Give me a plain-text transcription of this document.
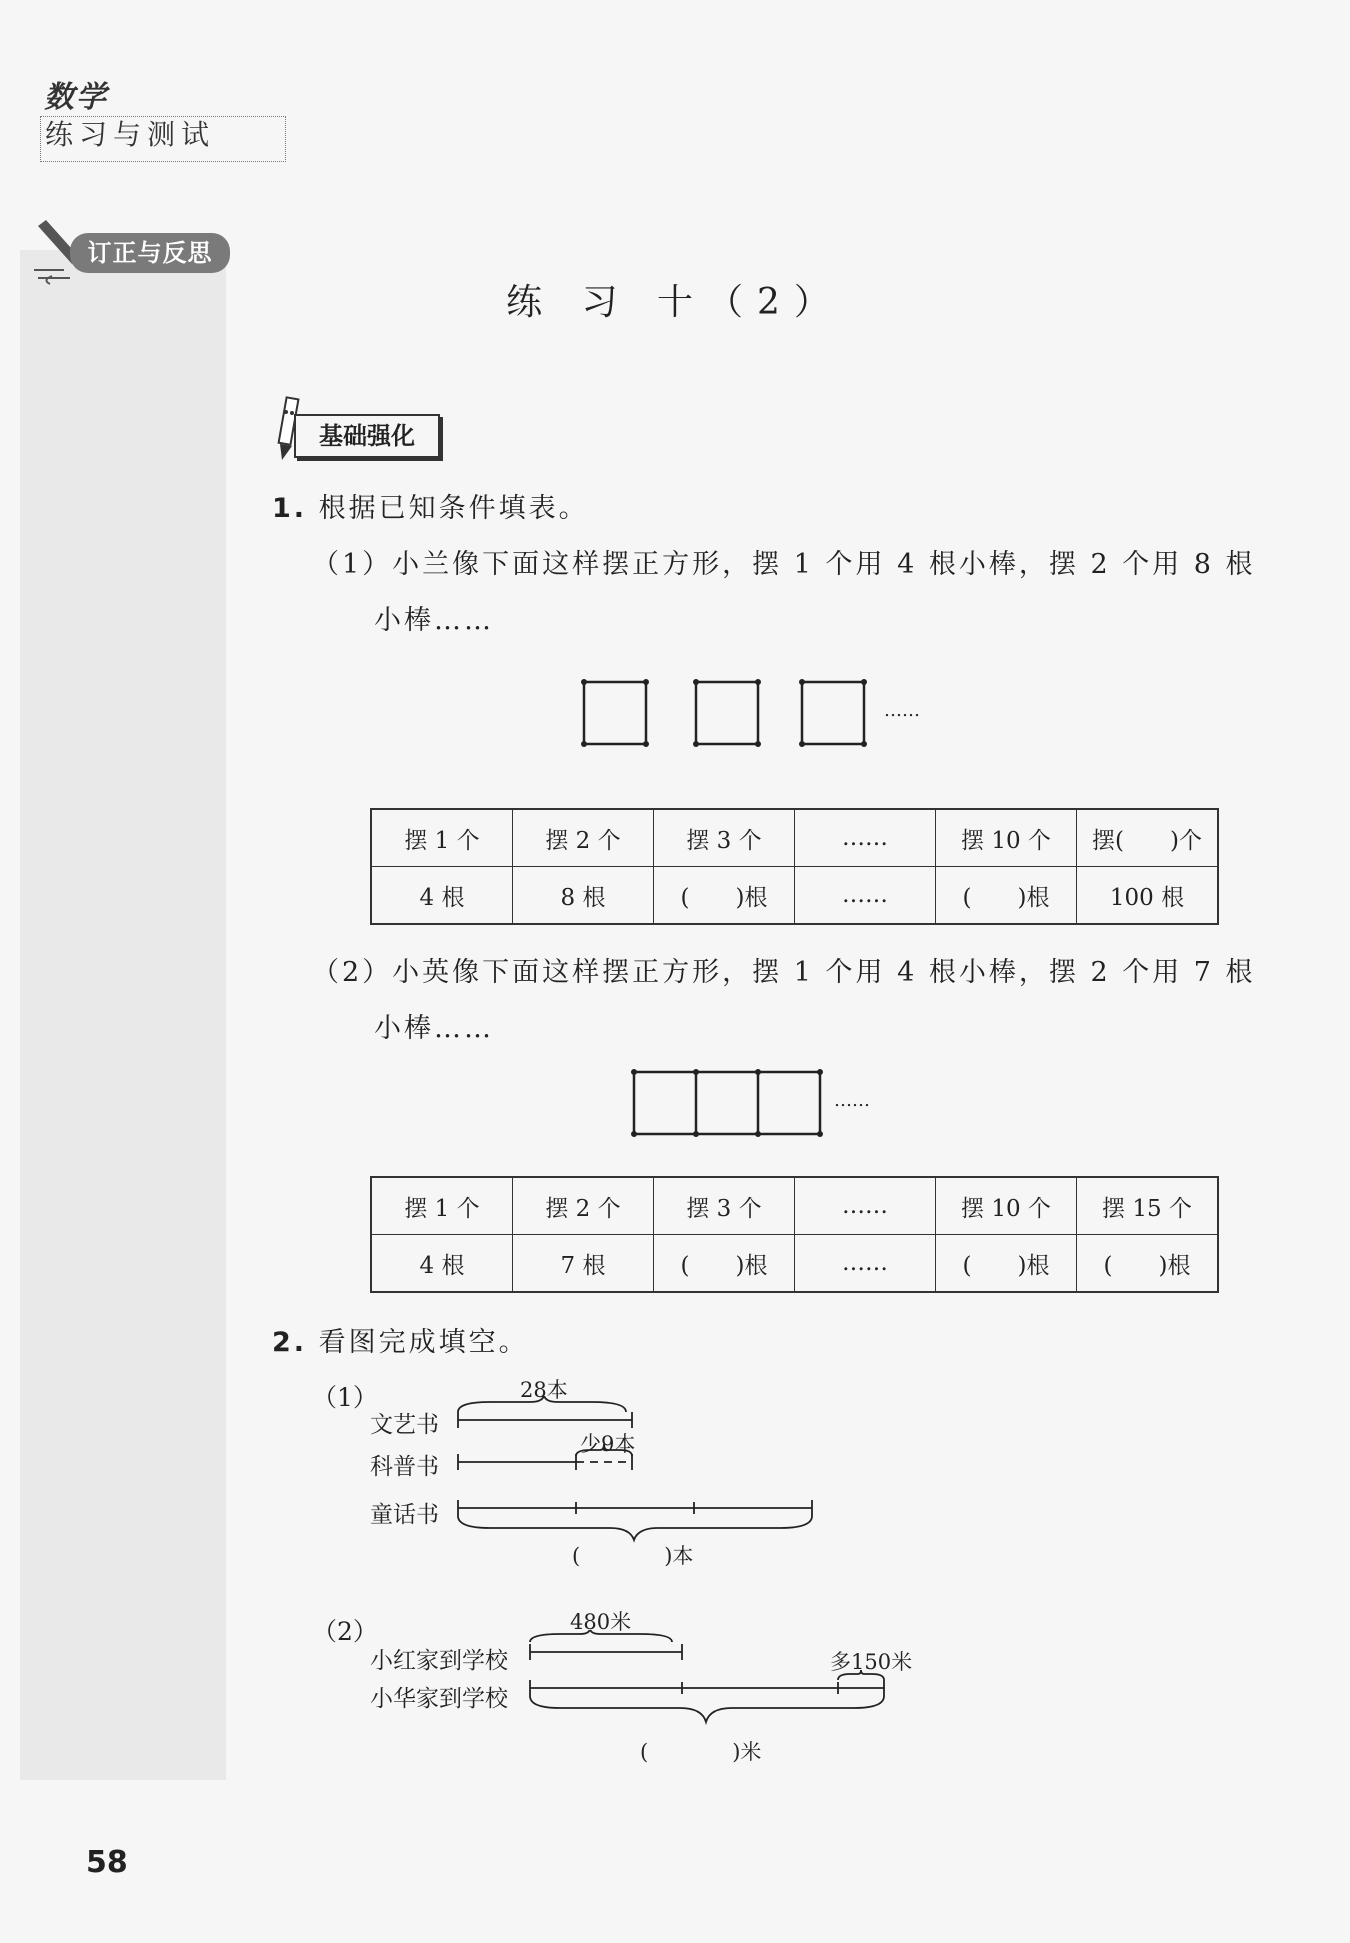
数学
练习与测试
订正与反思
练 习 十（2）
基础强化
1. 根据已知条件填表。
（1）小兰像下面这样摆正方形，摆 1 个用 4 根小棒，摆 2 个用 8 根
小棒……
……
摆 1 个	摆 2 个	摆 3 个	……	摆 10 个	摆(　　)个
4 根	8 根	(　　)根	……	(　　)根	100 根
（2）小英像下面这样摆正方形，摆 1 个用 4 根小棒，摆 2 个用 7 根
小棒……
……
摆 1 个	摆 2 个	摆 3 个	……	摆 10 个	摆 15 个
4 根	7 根	(　　)根	……	(　　)根	(　　)根
2. 看图完成填空。
（1）	28本
文艺书
少9本
科普书
童话书
(　　　　)本
（2）	480米
小红家到学校	多150米
小华家到学校
(　　　　)米
58
